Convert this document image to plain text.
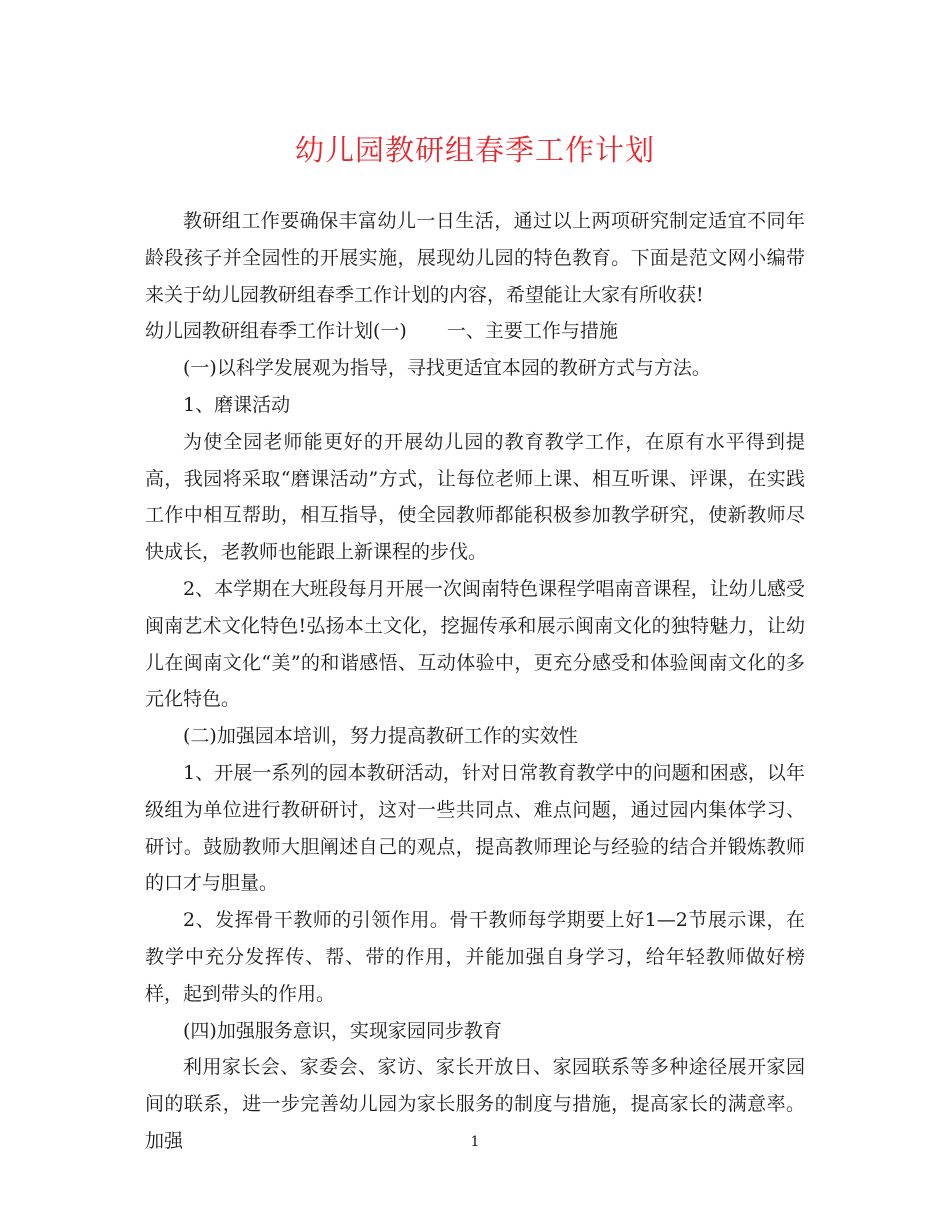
幼儿园教研组春季工作计划

教研组工作要确保丰富幼儿一日生活，通过以上两项研究制定适宜不同年龄段孩子并全园性的开展实施，展现幼儿园的特色教育。下面是范文网小编带来关于幼儿园教研组春季工作计划的内容，希望能让大家有所收获!

幼儿园教研组春季工作计划(一) 一、主要工作与措施

(一)以科学发展观为指导，寻找更适宜本园的教研方式与方法。

1、磨课活动

为使全园老师能更好的开展幼儿园的教育教学工作，在原有水平得到提高，我园将采取“磨课活动”方式，让每位老师上课、相互听课、评课，在实践工作中相互帮助，相互指导，使全园教师都能积极参加教学研究，使新教师尽快成长，老教师也能跟上新课程的步伐。

2、本学期在大班段每月开展一次闽南特色课程学唱南音课程，让幼儿感受闽南艺术文化特色!弘扬本土文化，挖掘传承和展示闽南文化的独特魅力，让幼儿在闽南文化“美”的和谐感悟、互动体验中，更充分感受和体验闽南文化的多元化特色。

(二)加强园本培训，努力提高教研工作的实效性

1、开展一系列的园本教研活动，针对日常教育教学中的问题和困惑，以年级组为单位进行教研研讨，这对一些共同点、难点问题，通过园内集体学习、研讨。鼓励教师大胆阐述自己的观点，提高教师理论与经验的结合并锻炼教师的口才与胆量。

2、发挥骨干教师的引领作用。骨干教师每学期要上好1—2节展示课，在教学中充分发挥传、帮、带的作用，并能加强自身学习，给年轻教师做好榜样，起到带头的作用。

(四)加强服务意识，实现家园同步教育

利用家长会、家委会、家访、家长开放日、家园联系等多种途径展开家园间的联系，进一步完善幼儿园为家长服务的制度与措施，提高家长的满意率。加强	1
